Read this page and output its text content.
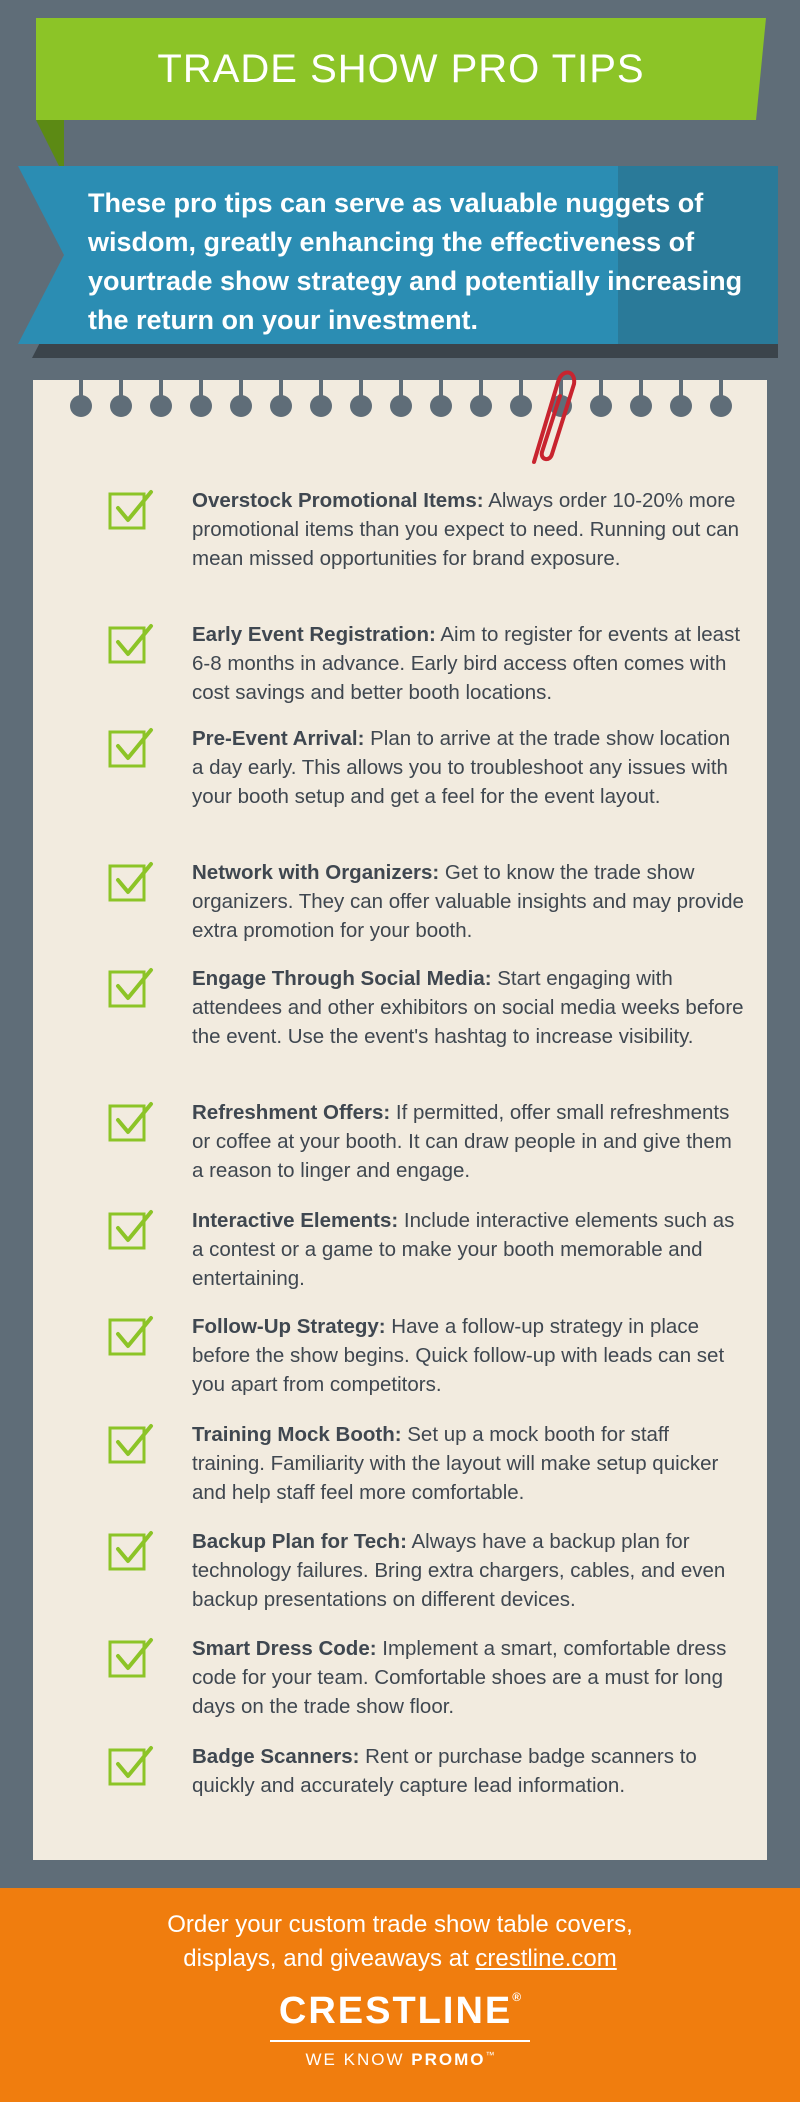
TRADE SHOW PRO TIPS
These pro tips can serve as valuable nuggets of wisdom, greatly enhancing the effectiveness of yourtrade show strategy and potentially increasing the return on your investment.
Overstock Promotional Items: Always order 10-20% more promotional items than you expect to need. Running out can mean missed opportunities for brand exposure.
Early Event Registration: Aim to register for events at least 6-8 months in advance. Early bird access often comes with cost savings and better booth locations.
Pre-Event Arrival: Plan to arrive at the trade show location a day early. This allows you to troubleshoot any issues with your booth setup and get a feel for the event layout.
Network with Organizers: Get to know the trade show organizers. They can offer valuable insights and may provide extra promotion for your booth.
Engage Through Social Media: Start engaging with attendees and other exhibitors on social media weeks before the event. Use the event's hashtag to increase visibility.
Refreshment Offers: If permitted, offer small refreshments or coffee at your booth. It can draw people in and give them a reason to linger and engage.
Interactive Elements: Include interactive elements such as a contest or a game to make your booth memorable and entertaining.
Follow-Up Strategy: Have a follow-up strategy in place before the show begins. Quick follow-up with leads can set you apart from competitors.
Training Mock Booth: Set up a mock booth for staff training. Familiarity with the layout will make setup quicker and help staff feel more comfortable.
Backup Plan for Tech: Always have a backup plan for technology failures. Bring extra chargers, cables, and even backup presentations on different devices.
Smart Dress Code: Implement a smart, comfortable dress code for your team. Comfortable shoes are a must for long days on the trade show floor.
Badge Scanners: Rent or purchase badge scanners to quickly and accurately capture lead information.
Order your custom trade show table covers,
displays, and giveaways at crestline.com
CRESTLINE®
WE KNOW PROMO™
